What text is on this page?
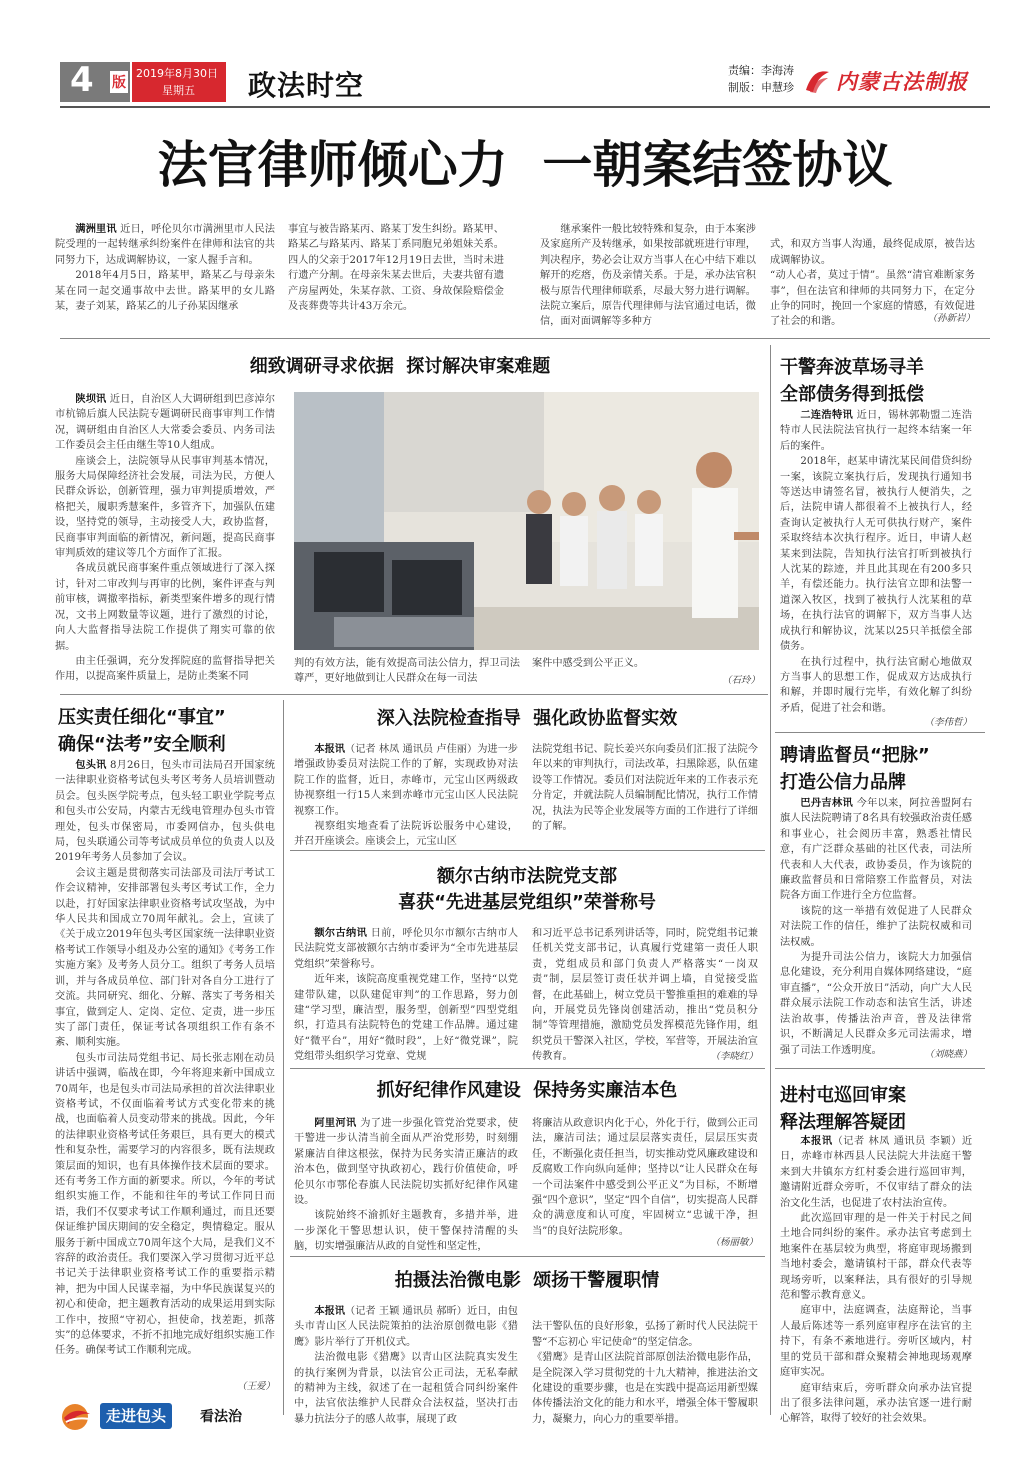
4 版
2019年8月30日
星期五	政法时空	责编：李海涛
制版：申慧珍 内蒙古法制报
法官律师倾心力  一朝案结签协议

满洲里讯 近日，呼伦贝尔市满洲里市人民法院受理的一起转继承纠纷案件在律师和法官的共同努力下，达成调解协议，一家人握手言和。

2018年4月5日，路某甲，路某乙与母亲朱某在同一起交通事故中去世。路某甲的女儿路某，妻子刘某，路某乙的儿子孙某因继承

事宜与被告路某丙、路某丁发生纠纷。路某甲、路某乙与路某丙、路某丁系同胞兄弟姐妹关系。四人的父亲于2017年12月19日去世，当时未进行遗产分割。在母亲朱某去世后，夫妻共留有遗产房屋两处，朱某存款、工资、身故保险赔偿金及丧葬费等共计43万余元。

继承案件一般比较特殊和复杂，由于本案涉及家庭所产及转继承，如果按部就班进行审理，判决程序，势必会让双方当事人在心中结下难以解开的疙瘩，伤及亲情关系。于是，承办法官积极与原告代理律师联系，尽最大努力进行调解。法院立案后，原告代理律师与法官通过电话，微信，面对面调解等多种方

式，和双方当事人沟通，最终促成原，被告达成调解协议。
“动人心者，莫过于情”。虽然“清官难断家务事”，但在法官和律师的共同努力下，在定分止争的同时，挽回一个家庭的情感，有效促进了社会的和谐。	（孙新岩）
细致调研寻求依据  探讨解决审案难题

陕坝讯 近日，自治区人大调研组到巴彦淖尔市杭锦后旗人民法院专题调研民商事审判工作情况，调研组由自治区人大常委会委员、内务司法工作委员会主任由继生等10人组成。

座谈会上，法院领导从民事审判基本情况，服务大局保障经济社会发展，司法为民，方便人民群众诉讼，创新管理，强力审判提质增效，严格把关，履职秀慧案件，多管齐下，加强队伍建设，坚持党的领导，主动接受人大，政协监督，民商事审判面临的新情况，新问题，提高民商事审判质效的建议等几个方面作了汇报。

各成员就民商事案件重点领域进行了深入探讨，针对二审改判与再审的比例，案件评查与判前审核，调撤率指标，新类型案件增多的现行情况，文书上网数量等议题，进行了激烈的讨论，向人大监督指导法院工作提供了翔实可靠的依据。

由主任强调，充分发挥院庭的监督指导把关作用，以提高案件质量上，是防止类案不同

判的有效方法，能有效提高司法公信力，捍卫司法尊严，更好地做到让人民群众在每一司法

案件中感受到公平正义。

（石玲）
干警奔波草场寻羊
全部债务得到抵偿

二连浩特讯 近日，锡林郭勒盟二连浩特市人民法院法官执行一起终本结案一年后的案件。

2018年，赵某申请沈某民间借贷纠纷一案，该院立案执行后，发现执行通知书等送达申请签名冒，被执行人便消失，之后，法院申请人都很着不上被执行人，经查询认定被执行人无可供执行财产，案件采取终结本次执行程序。近日，申请人赵某来到法院，告知执行法官打听到被执行人沈某的踪迹，并且此其现在有200多只羊，有偿还能力。执行法官立即和法警一道深入牧区，找到了被执行人沈某租的草场，在执行法官的调解下，双方当事人达成执行和解协议，沈某以25只羊抵偿全部债务。

在执行过程中，执行法官耐心地做双方当事人的思想工作，促成双方达成执行和解，并即时履行完毕，有效化解了纠纷矛盾，促进了社会和谐。

（李伟哲）
压实责任细化“事宜”
确保“法考”安全顺利

包头讯 8月26日，包头市司法局召开国家统一法律职业资格考试包头考区考务人员培训暨动员会。包头医学院考点，包头轻工职业学院考点和包头市公安局，内蒙古无线电管理办包头市管理处，包头市保密局，市委网信办，包头供电局，包头联通公司等考试成员单位的负责人以及2019年考务人员参加了会议。

会议主题是贯彻落实司法部及司法厅考试工作会议精神，安排部署包头考区考试工作，全力以赴，打好国家法律职业资格考试攻坚战，为中华人民共和国成立70周年献礼。会上，宣读了《关于成立2019年包头考区国家统一法律职业资格考试工作领导小组及办公室的通知》《考务工作实施方案》及考务人员分工。组织了考务人员培训，并与各成员单位、部门针对各自分工进行了交流。共同研究、细化、分解、落实了考务相关事宜，做到定人、定岗、定位、定责，进一步压实了部门责任，保证考试各项组织工作有条不紊、顺利实施。

包头市司法局党组书记、局长张志刚在动员讲话中强调，临战在即，今年将迎来新中国成立70周年，也是包头市司法局承担的首次法律职业资格考试，不仅面临着考试方式变化带来的挑战，也面临着人员变动带来的挑战。因此，今年的法律职业资格考试任务艰巨，具有更大的模式性和复杂性，需要学习的内容很多，既有法规政策层面的知识，也有具体操作技术层面的要求。还有考务工作方面的新要求。所以，今年的考试组织实施工作，不能和往年的考试工作同日而语，我们不仅要求考试工作顺利通过，而且还要保证维护国庆期间的安全稳定，舆情稳定。服从服务于新中国成立70周年这个大局，是我们义不容辞的政治责任。我们要深入学习贯彻习近平总书记关于法律职业资格考试工作的重要指示精神，把为中国人民谋幸福，为中华民族谋复兴的初心和使命，把主题教育活动的成果运用到实际工作中，按照“守初心，担使命，找差距，抓落实”的总体要求，不折不扣地完成好组织实施工作任务。确保考试工作顺利完成。

（王爱）
深入法院检查指导  强化政协监督实效

本报讯（记者 林凤 通讯员 卢佳丽）为进一步增强政协委员对法院工作的了解，实现政协对法院工作的监督，近日，赤峰市，元宝山区两级政协视察组一行15人来到赤峰市元宝山区人民法院视察工作。

视察组实地查看了法院诉讼服务中心建设，并召开座谈会。座谈会上，元宝山区

法院党组书记、院长姜兴东向委员们汇报了法院今年以来的审判执行，司法改革，扫黑除恶，队伍建设等工作情况。委员们对法院近年来的工作表示充分肯定，并就法院人员编制配比情况，执行工作情况，执法为民等企业发展等方面的工作进行了详细的了解。

额尔古纳市法院党支部
喜获“先进基层党组织”荣誉称号

额尔古纳讯 日前，呼伦贝尔市额尔古纳市人民法院党支部被额尔古纳市委评为“全市先进基层党组织”荣誉称号。

近年来，该院高度重视党建工作，坚持“以党建带队建，以队建促审判”的工作思路，努力创建“学习型，廉洁型，服务型，创新型”四型党组织，打造具有法院特色的党建工作品牌。通过建好“微平台”，用好“微时段”，上好“微党课”，院党组带头组织学习党章、党规

和习近平总书记系列讲话等，同时，院党组书记兼任机关党支部书记，认真履行党建第一责任人职责，党组成员和部门负责人严格落实“一岗双责”制，层层签订责任状并调上墙，自觉接受监督，在此基础上，树立党员干警推重担的难难的导向，开展党员先锋岗创建活动，推出“党员积分制”等管理措施，激励党员发挥模范先锋作用，组织党员干警深入社区，学校，军营等，开展法治宣传教育。	（李晓红）
抓好纪律作风建设  保持务实廉洁本色

阿里河讯 为了进一步强化管党治党要求，使干警进一步认清当前全面从严治党形势，时刻绷紧廉洁自律这根弦，保持为民务实清正廉洁的政治本色，做到坚守执政初心，践行价值使命，呼伦贝尔市鄂伦春旗人民法院切实抓好纪律作风建设。

该院始终不渝抓好主题教育，多措并举，进一步深化干警思想认识，使干警保持清醒的头脑，切实增强廉洁从政的自觉性和坚定性，

将廉洁从政意识内化于心，外化于行，做到公正司法，廉洁司法；通过层层落实责任，层层压实责任，不断强化责任担当，切实推动党风廉政建设和反腐败工作向纵向延伸；坚持以“让人民群众在每一个司法案件中感受到公平正义”为目标，不断增强“四个意识”，坚定“四个自信”，切实提高人民群众的满意度和认可度，牢固树立“忠诚干净，担当”的良好法院形象。

（杨丽敏）
拍摄法治微电影  颂扬干警履职情

本报讯（记者 王颖 通讯员 郝昕）近日，由包头市青山区人民法院策拍的法治原创微电影《猎鹰》影片举行了开机仪式。

法治微电影《猎鹰》以青山区法院真实发生的执行案例为背景，以法官公正司法，无私奉献的精神为主线，叙述了在一起租赁合同纠纷案件中，法官依法维护人民群众合法权益，坚决打击暴力抗法分子的感人故事，展现了政

法干警队伍的良好形象，弘扬了新时代人民法院干警“不忘初心 牢记使命”的坚定信念。
《猎鹰》是青山区法院首部原创法治微电影作品，是全院深入学习贯彻党的十九大精神，推进法治文化建设的重要步骤，也是在实践中提高运用新型媒体传播法治文化的能力和水平，增强全体干警履职力，凝聚力，向心力的重要举措。

聘请监督员“把脉”
打造公信力品牌

巴丹吉林讯 今年以来，阿拉善盟阿右旗人民法院聘请了8名具有较强政治责任感和事业心，社会阅历丰富，熟悉社情民意，有广泛群众基础的社区代表，司法所代表和人大代表，政协委员，作为该院的廉政监督员和日常陪察工作监督员，对法院各方面工作进行全方位监督。

该院的这一举措有效促进了人民群众对法院工作的信任，维护了法院权威和司法权威。

为提升司法公信力，该院大力加强信息化建设，充分利用自媒体网络建设，“庭审直播”，“公众开放日”活动，向广大人民群众展示法院工作动态和法官生活，讲述法治故事，传播法治声音，普及法律常识，不断满足人民群众多元司法需求，增强了司法工作透明度。	（刘晓燕）
进村屯巡回审案
释法理解答疑团

本报讯（记者 林凤 通讯员 李颖）近日，赤峰市林西县人民法院大井法庭干警来到大井镇东方红村委会进行巡回审判，邀请附近群众旁听，不仅审结了群众的法治文化生活，也促进了农村法治宣传。

此次巡回审理的是一件关于村民之间土地合同纠纷的案件。承办法官考虑到土地案件在基层较为典型，将庭审现场搬到当地村委会，邀请镇村干部，群众代表等现场旁听，以案释法，具有很好的引导规范和警示教育意义。

庭审中，法庭调查，法庭辩论，当事人最后陈述等一系列庭审程序在法官的主持下，有条不紊地进行。旁听区域内，村里的党员干部和群众聚精会神地现场观摩庭审实况。

庭审结束后，旁听群众向承办法官提出了很多法律问题，承办法官逐一进行耐心解答，取得了较好的社会效果。

走进包头	看法治
